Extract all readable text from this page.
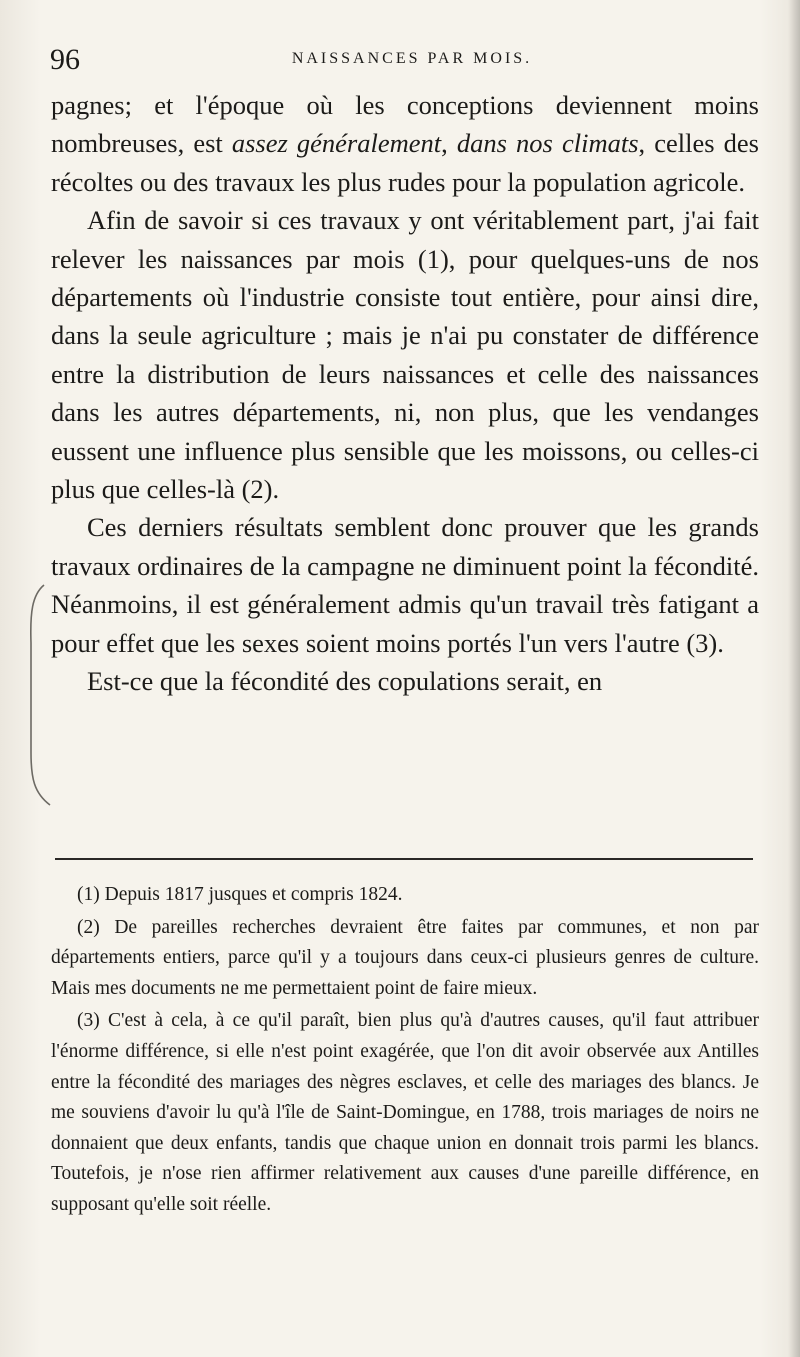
96	NAISSANCES PAR MOIS.

pagnes; et l'époque où les conceptions deviennent moins nombreuses, est assez généralement, dans nos climats, celles des récoltes ou des travaux les plus rudes pour la population agricole.

Afin de savoir si ces travaux y ont véritablement part, j'ai fait relever les naissances par mois (1), pour quelques-uns de nos départements où l'industrie consiste tout entière, pour ainsi dire, dans la seule agriculture ; mais je n'ai pu constater de différence entre la distribution de leurs naissances et celle des naissances dans les autres départements, ni, non plus, que les vendanges eussent une influence plus sensible que les moissons, ou celles-ci plus que celles-là (2).

Ces derniers résultats semblent donc prouver que les grands travaux ordinaires de la campagne ne diminuent point la fécondité. Néanmoins, il est généralement admis qu'un travail très fatigant a pour effet que les sexes soient moins portés l'un vers l'autre (3).

Est-ce que la fécondité des copulations serait, en

(1) Depuis 1817 jusques et compris 1824.

(2) De pareilles recherches devraient être faites par communes, et non par départements entiers, parce qu'il y a toujours dans ceux-ci plusieurs genres de culture. Mais mes documents ne me permettaient point de faire mieux.

(3) C'est à cela, à ce qu'il paraît, bien plus qu'à d'autres causes, qu'il faut attribuer l'énorme différence, si elle n'est point exagérée, que l'on dit avoir observée aux Antilles entre la fécondité des mariages des nègres esclaves, et celle des mariages des blancs. Je me souviens d'avoir lu qu'à l'île de Saint-Domingue, en 1788, trois mariages de noirs ne donnaient que deux enfants, tandis que chaque union en donnait trois parmi les blancs. Toutefois, je n'ose rien affirmer relativement aux causes d'une pareille différence, en supposant qu'elle soit réelle.
